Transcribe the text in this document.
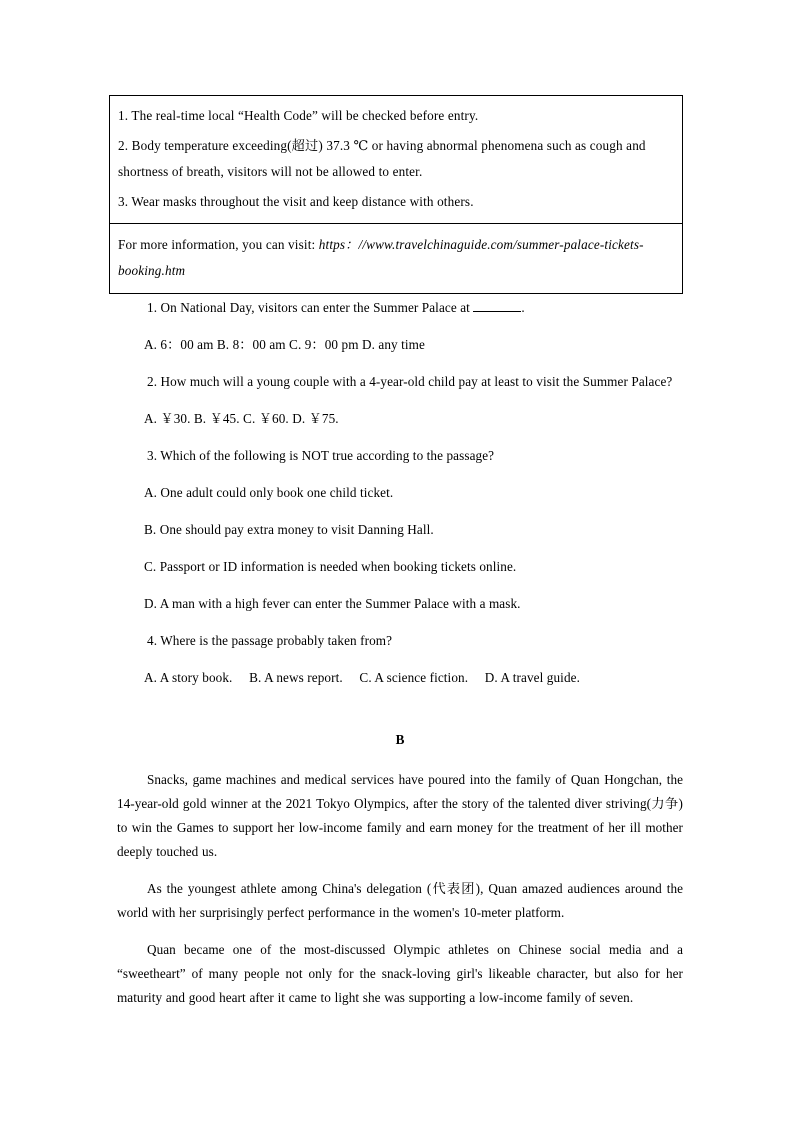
1. The real-time local “Health Code” will be checked before entry.
2. Body temperature exceeding(超过) 37.3 ℃ or having abnormal phenomena such as cough and shortness of breath, visitors will not be allowed to enter.
3. Wear masks throughout the visit and keep distance with others.
For more information, you can visit: https：//www.travelchinaguide.com/summer-palace-tickets-booking.htm
1. On National Day, visitors can enter the Summer Palace at	.
A. 6：00 am B. 8：00 am C. 9：00 pm D. any time
2. How much will a young couple with a 4-year-old child pay at least to visit the Summer Palace?
A. ￥30. B. ￥45. C. ￥60. D. ￥75.
3. Which of the following is NOT true according to the passage?
A. One adult could only book one child ticket.
B. One should pay extra money to visit Danning Hall.
C. Passport or ID information is needed when booking tickets online.
D. A man with a high fever can enter the Summer Palace with a mask.
4. Where is the passage probably taken from?
A. A story book.　 B. A news report.　 C. A science fiction.　 D. A travel guide.
B

Snacks, game machines and medical services have poured into the family of Quan Hongchan, the 14-year-old gold winner at the 2021 Tokyo Olympics, after the story of the talented diver striving(力争) to win the Games to support her low-income family and earn money for the treatment of her ill mother deeply touched us.

As the youngest athlete among China's delegation (代表团), Quan amazed audiences around the world with her surprisingly perfect performance in the women's 10-meter platform.

Quan became one of the most-discussed Olympic athletes on Chinese social media and a “sweetheart” of many people not only for the snack-loving girl's likeable character, but also for her maturity and good heart after it came to light she was supporting a low-income family of seven.
